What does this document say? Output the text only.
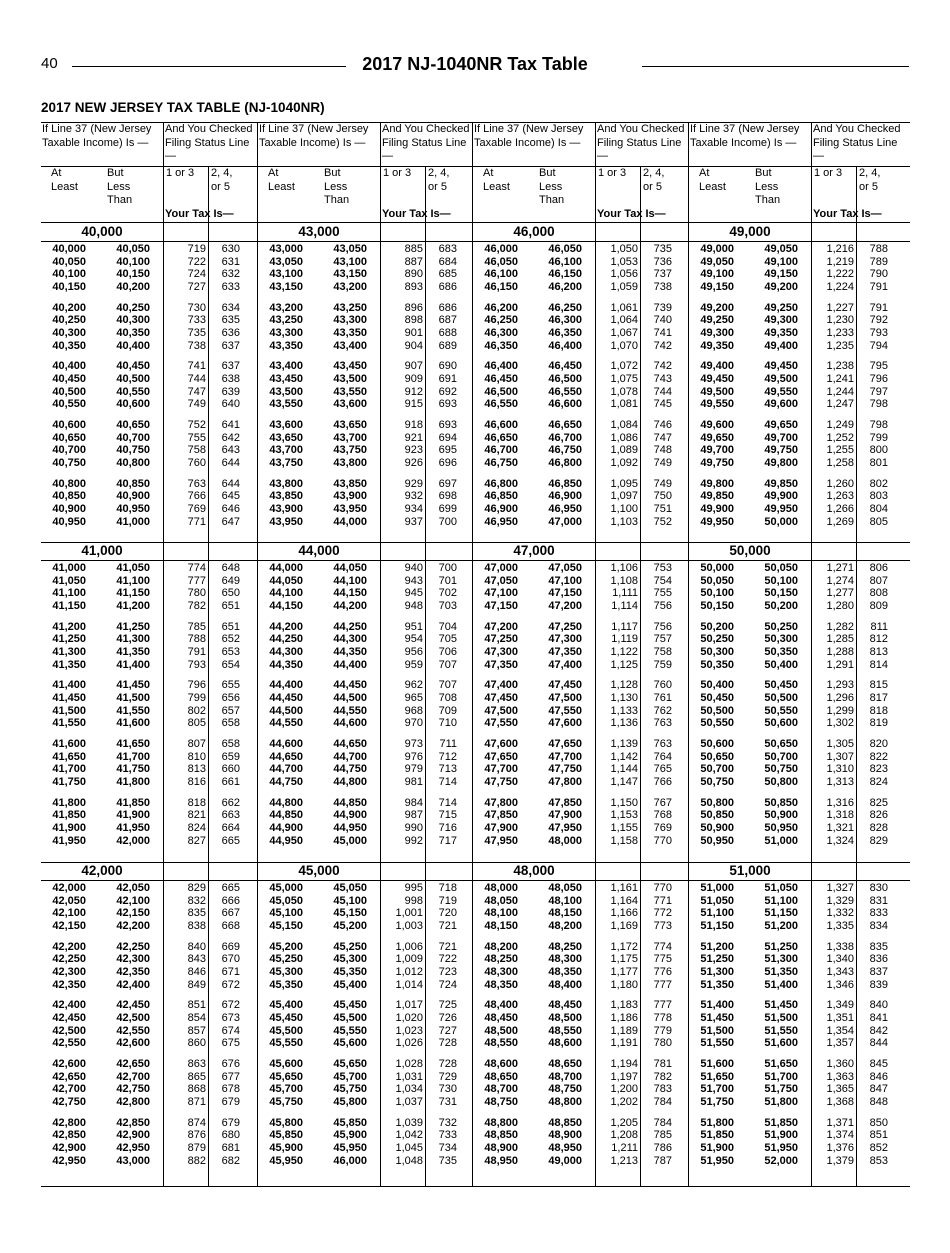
40	2017 NJ-1040NR Tax Table
2017 NEW JERSEY TAX TABLE (NJ-1040NR)
If Line 37 (New Jersey Taxable Income) Is —
And You Checked Filing Status Line —
At Least
But Less Than
1 or 3	2, 4, or 5
Your Tax Is—
40,000
40,000	40,050	719	630
40,050	40,100	722	631
40,100	40,150	724	632
40,150	40,200	727	633
40,200	40,250	730	634
40,250	40,300	733	635
40,300	40,350	735	636
40,350	40,400	738	637
40,400	40,450	741	637
40,450	40,500	744	638
40,500	40,550	747	639
40,550	40,600	749	640
40,600	40,650	752	641
40,650	40,700	755	642
40,700	40,750	758	643
40,750	40,800	760	644
40,800	40,850	763	644
40,850	40,900	766	645
40,900	40,950	769	646
40,950	41,000	771	647
41,000
41,000	41,050	774	648
41,050	41,100	777	649
41,100	41,150	780	650
41,150	41,200	782	651
41,200	41,250	785	651
41,250	41,300	788	652
41,300	41,350	791	653
41,350	41,400	793	654
41,400	41,450	796	655
41,450	41,500	799	656
41,500	41,550	802	657
41,550	41,600	805	658
41,600	41,650	807	658
41,650	41,700	810	659
41,700	41,750	813	660
41,750	41,800	816	661
41,800	41,850	818	662
41,850	41,900	821	663
41,900	41,950	824	664
41,950	42,000	827	665
42,000
42,000	42,050	829	665
42,050	42,100	832	666
42,100	42,150	835	667
42,150	42,200	838	668
42,200	42,250	840	669
42,250	42,300	843	670
42,300	42,350	846	671
42,350	42,400	849	672
42,400	42,450	851	672
42,450	42,500	854	673
42,500	42,550	857	674
42,550	42,600	860	675
42,600	42,650	863	676
42,650	42,700	865	677
42,700	42,750	868	678
42,750	42,800	871	679
42,800	42,850	874	679
42,850	42,900	876	680
42,900	42,950	879	681
42,950	43,000	882	682
If Line 37 (New Jersey Taxable Income) Is —
And You Checked Filing Status Line —
At Least
But Less Than
1 or 3	2, 4, or 5
Your Tax Is—
43,000
43,000	43,050	885	683
43,050	43,100	887	684
43,100	43,150	890	685
43,150	43,200	893	686
43,200	43,250	896	686
43,250	43,300	898	687
43,300	43,350	901	688
43,350	43,400	904	689
43,400	43,450	907	690
43,450	43,500	909	691
43,500	43,550	912	692
43,550	43,600	915	693
43,600	43,650	918	693
43,650	43,700	921	694
43,700	43,750	923	695
43,750	43,800	926	696
43,800	43,850	929	697
43,850	43,900	932	698
43,900	43,950	934	699
43,950	44,000	937	700
44,000
44,000	44,050	940	700
44,050	44,100	943	701
44,100	44,150	945	702
44,150	44,200	948	703
44,200	44,250	951	704
44,250	44,300	954	705
44,300	44,350	956	706
44,350	44,400	959	707
44,400	44,450	962	707
44,450	44,500	965	708
44,500	44,550	968	709
44,550	44,600	970	710
44,600	44,650	973	711
44,650	44,700	976	712
44,700	44,750	979	713
44,750	44,800	981	714
44,800	44,850	984	714
44,850	44,900	987	715
44,900	44,950	990	716
44,950	45,000	992	717
45,000
45,000	45,050	995	718
45,050	45,100	998	719
45,100	45,150	1,001	720
45,150	45,200	1,003	721
45,200	45,250	1,006	721
45,250	45,300	1,009	722
45,300	45,350	1,012	723
45,350	45,400	1,014	724
45,400	45,450	1,017	725
45,450	45,500	1,020	726
45,500	45,550	1,023	727
45,550	45,600	1,026	728
45,600	45,650	1,028	728
45,650	45,700	1,031	729
45,700	45,750	1,034	730
45,750	45,800	1,037	731
45,800	45,850	1,039	732
45,850	45,900	1,042	733
45,900	45,950	1,045	734
45,950	46,000	1,048	735
If Line 37 (New Jersey Taxable Income) Is —
And You Checked Filing Status Line —
At Least
But Less Than
1 or 3	2, 4, or 5
Your Tax Is—
46,000
46,000	46,050	1,050	735
46,050	46,100	1,053	736
46,100	46,150	1,056	737
46,150	46,200	1,059	738
46,200	46,250	1,061	739
46,250	46,300	1,064	740
46,300	46,350	1,067	741
46,350	46,400	1,070	742
46,400	46,450	1,072	742
46,450	46,500	1,075	743
46,500	46,550	1,078	744
46,550	46,600	1,081	745
46,600	46,650	1,084	746
46,650	46,700	1,086	747
46,700	46,750	1,089	748
46,750	46,800	1,092	749
46,800	46,850	1,095	749
46,850	46,900	1,097	750
46,900	46,950	1,100	751
46,950	47,000	1,103	752
47,000
47,000	47,050	1,106	753
47,050	47,100	1,108	754
47,100	47,150	1,111	755
47,150	47,200	1,114	756
47,200	47,250	1,117	756
47,250	47,300	1,119	757
47,300	47,350	1,122	758
47,350	47,400	1,125	759
47,400	47,450	1,128	760
47,450	47,500	1,130	761
47,500	47,550	1,133	762
47,550	47,600	1,136	763
47,600	47,650	1,139	763
47,650	47,700	1,142	764
47,700	47,750	1,144	765
47,750	47,800	1,147	766
47,800	47,850	1,150	767
47,850	47,900	1,153	768
47,900	47,950	1,155	769
47,950	48,000	1,158	770
48,000
48,000	48,050	1,161	770
48,050	48,100	1,164	771
48,100	48,150	1,166	772
48,150	48,200	1,169	773
48,200	48,250	1,172	774
48,250	48,300	1,175	775
48,300	48,350	1,177	776
48,350	48,400	1,180	777
48,400	48,450	1,183	777
48,450	48,500	1,186	778
48,500	48,550	1,189	779
48,550	48,600	1,191	780
48,600	48,650	1,194	781
48,650	48,700	1,197	782
48,700	48,750	1,200	783
48,750	48,800	1,202	784
48,800	48,850	1,205	784
48,850	48,900	1,208	785
48,900	48,950	1,211	786
48,950	49,000	1,213	787
If Line 37 (New Jersey Taxable Income) Is —
And You Checked Filing Status Line —
At Least
But Less Than
1 or 3	2, 4, or 5
Your Tax Is—
49,000
49,000	49,050	1,216	788
49,050	49,100	1,219	789
49,100	49,150	1,222	790
49,150	49,200	1,224	791
49,200	49,250	1,227	791
49,250	49,300	1,230	792
49,300	49,350	1,233	793
49,350	49,400	1,235	794
49,400	49,450	1,238	795
49,450	49,500	1,241	796
49,500	49,550	1,244	797
49,550	49,600	1,247	798
49,600	49,650	1,249	798
49,650	49,700	1,252	799
49,700	49,750	1,255	800
49,750	49,800	1,258	801
49,800	49,850	1,260	802
49,850	49,900	1,263	803
49,900	49,950	1,266	804
49,950	50,000	1,269	805
50,000
50,000	50,050	1,271	806
50,050	50,100	1,274	807
50,100	50,150	1,277	808
50,150	50,200	1,280	809
50,200	50,250	1,282	811
50,250	50,300	1,285	812
50,300	50,350	1,288	813
50,350	50,400	1,291	814
50,400	50,450	1,293	815
50,450	50,500	1,296	817
50,500	50,550	1,299	818
50,550	50,600	1,302	819
50,600	50,650	1,305	820
50,650	50,700	1,307	822
50,700	50,750	1,310	823
50,750	50,800	1,313	824
50,800	50,850	1,316	825
50,850	50,900	1,318	826
50,900	50,950	1,321	828
50,950	51,000	1,324	829
51,000
51,000	51,050	1,327	830
51,050	51,100	1,329	831
51,100	51,150	1,332	833
51,150	51,200	1,335	834
51,200	51,250	1,338	835
51,250	51,300	1,340	836
51,300	51,350	1,343	837
51,350	51,400	1,346	839
51,400	51,450	1,349	840
51,450	51,500	1,351	841
51,500	51,550	1,354	842
51,550	51,600	1,357	844
51,600	51,650	1,360	845
51,650	51,700	1,363	846
51,700	51,750	1,365	847
51,750	51,800	1,368	848
51,800	51,850	1,371	850
51,850	51,900	1,374	851
51,900	51,950	1,376	852
51,950	52,000	1,379	853
